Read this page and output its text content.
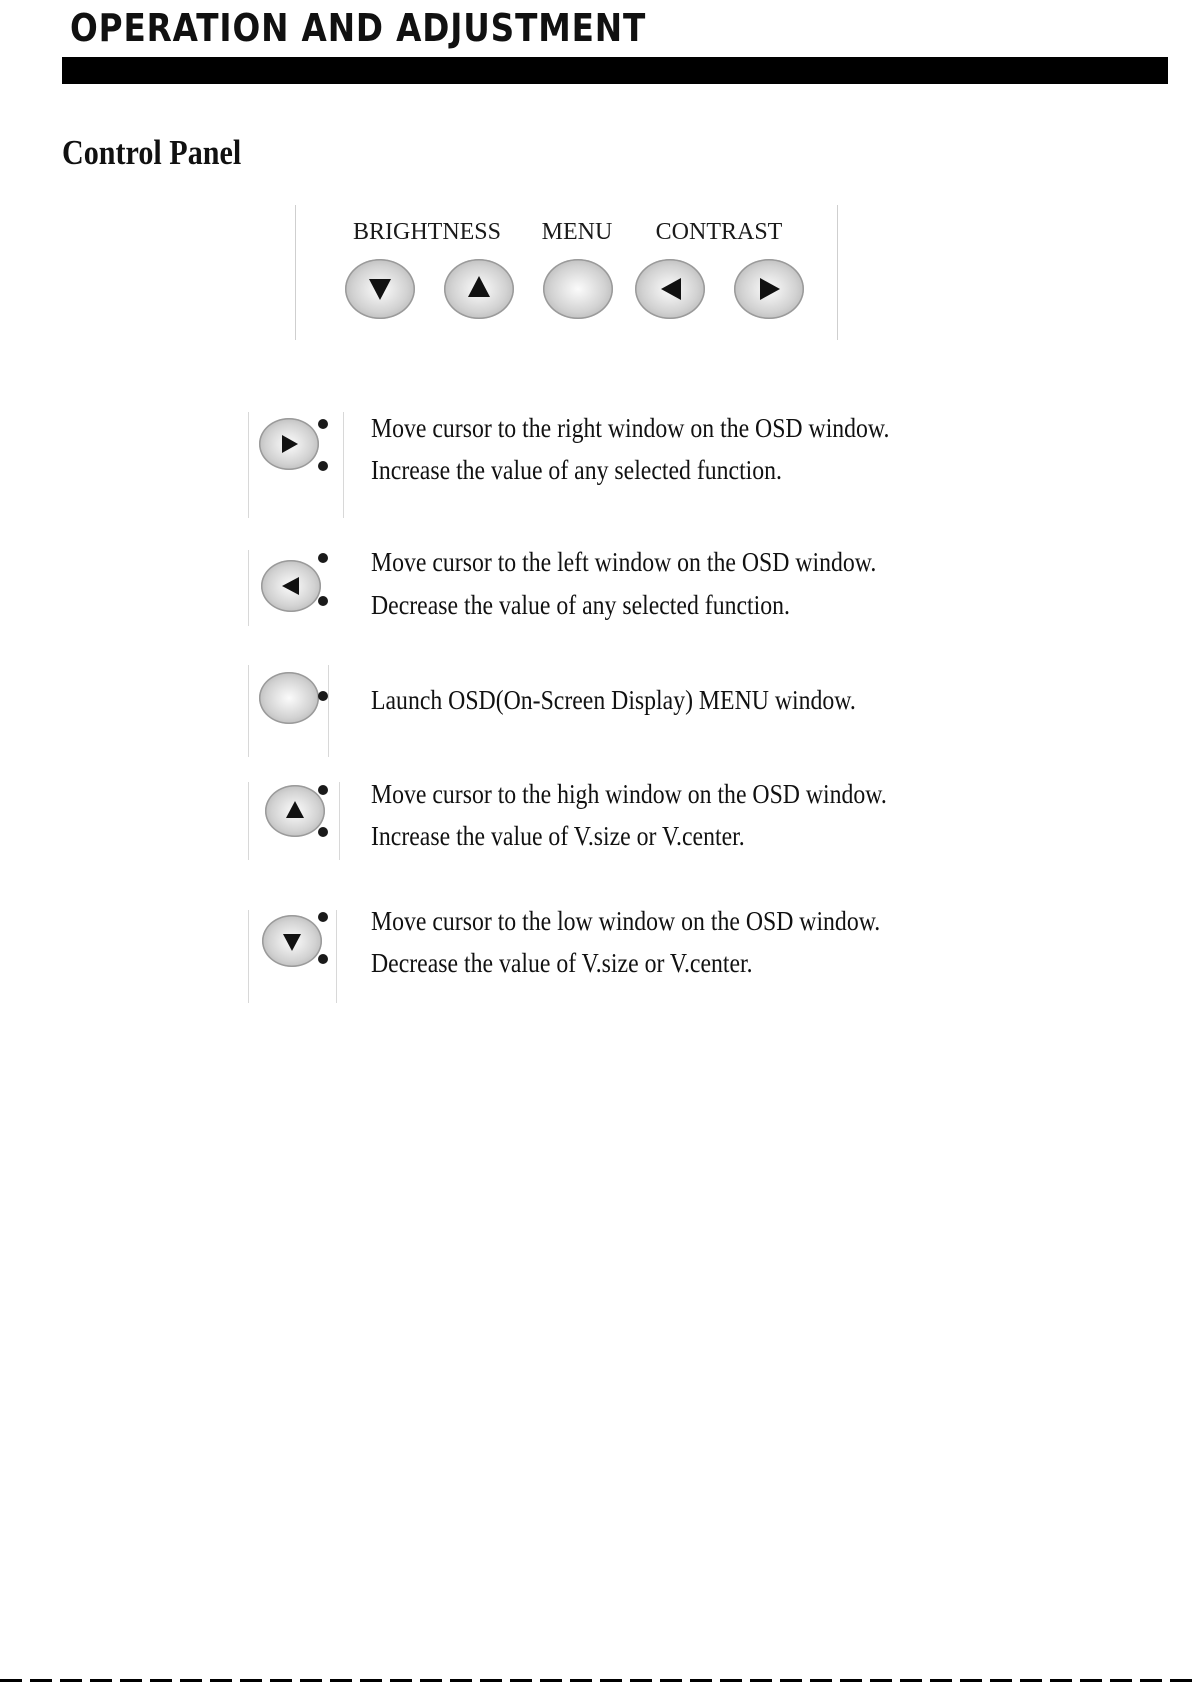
OPERATION AND ADJUSTMENT
Control Panel
BRIGHTNESS MENU CONTRAST
Move cursor to the right window on the OSD window.
Increase the value of any selected function.
Move cursor to the left window on the OSD window.
Decrease the value of any selected function.
Launch OSD(On-Screen Display) MENU window.
Move cursor to the high window on the OSD window.
Increase the value of V.size or V.center.
Move cursor to the low window on the OSD window.
Decrease the value of V.size or V.center.
